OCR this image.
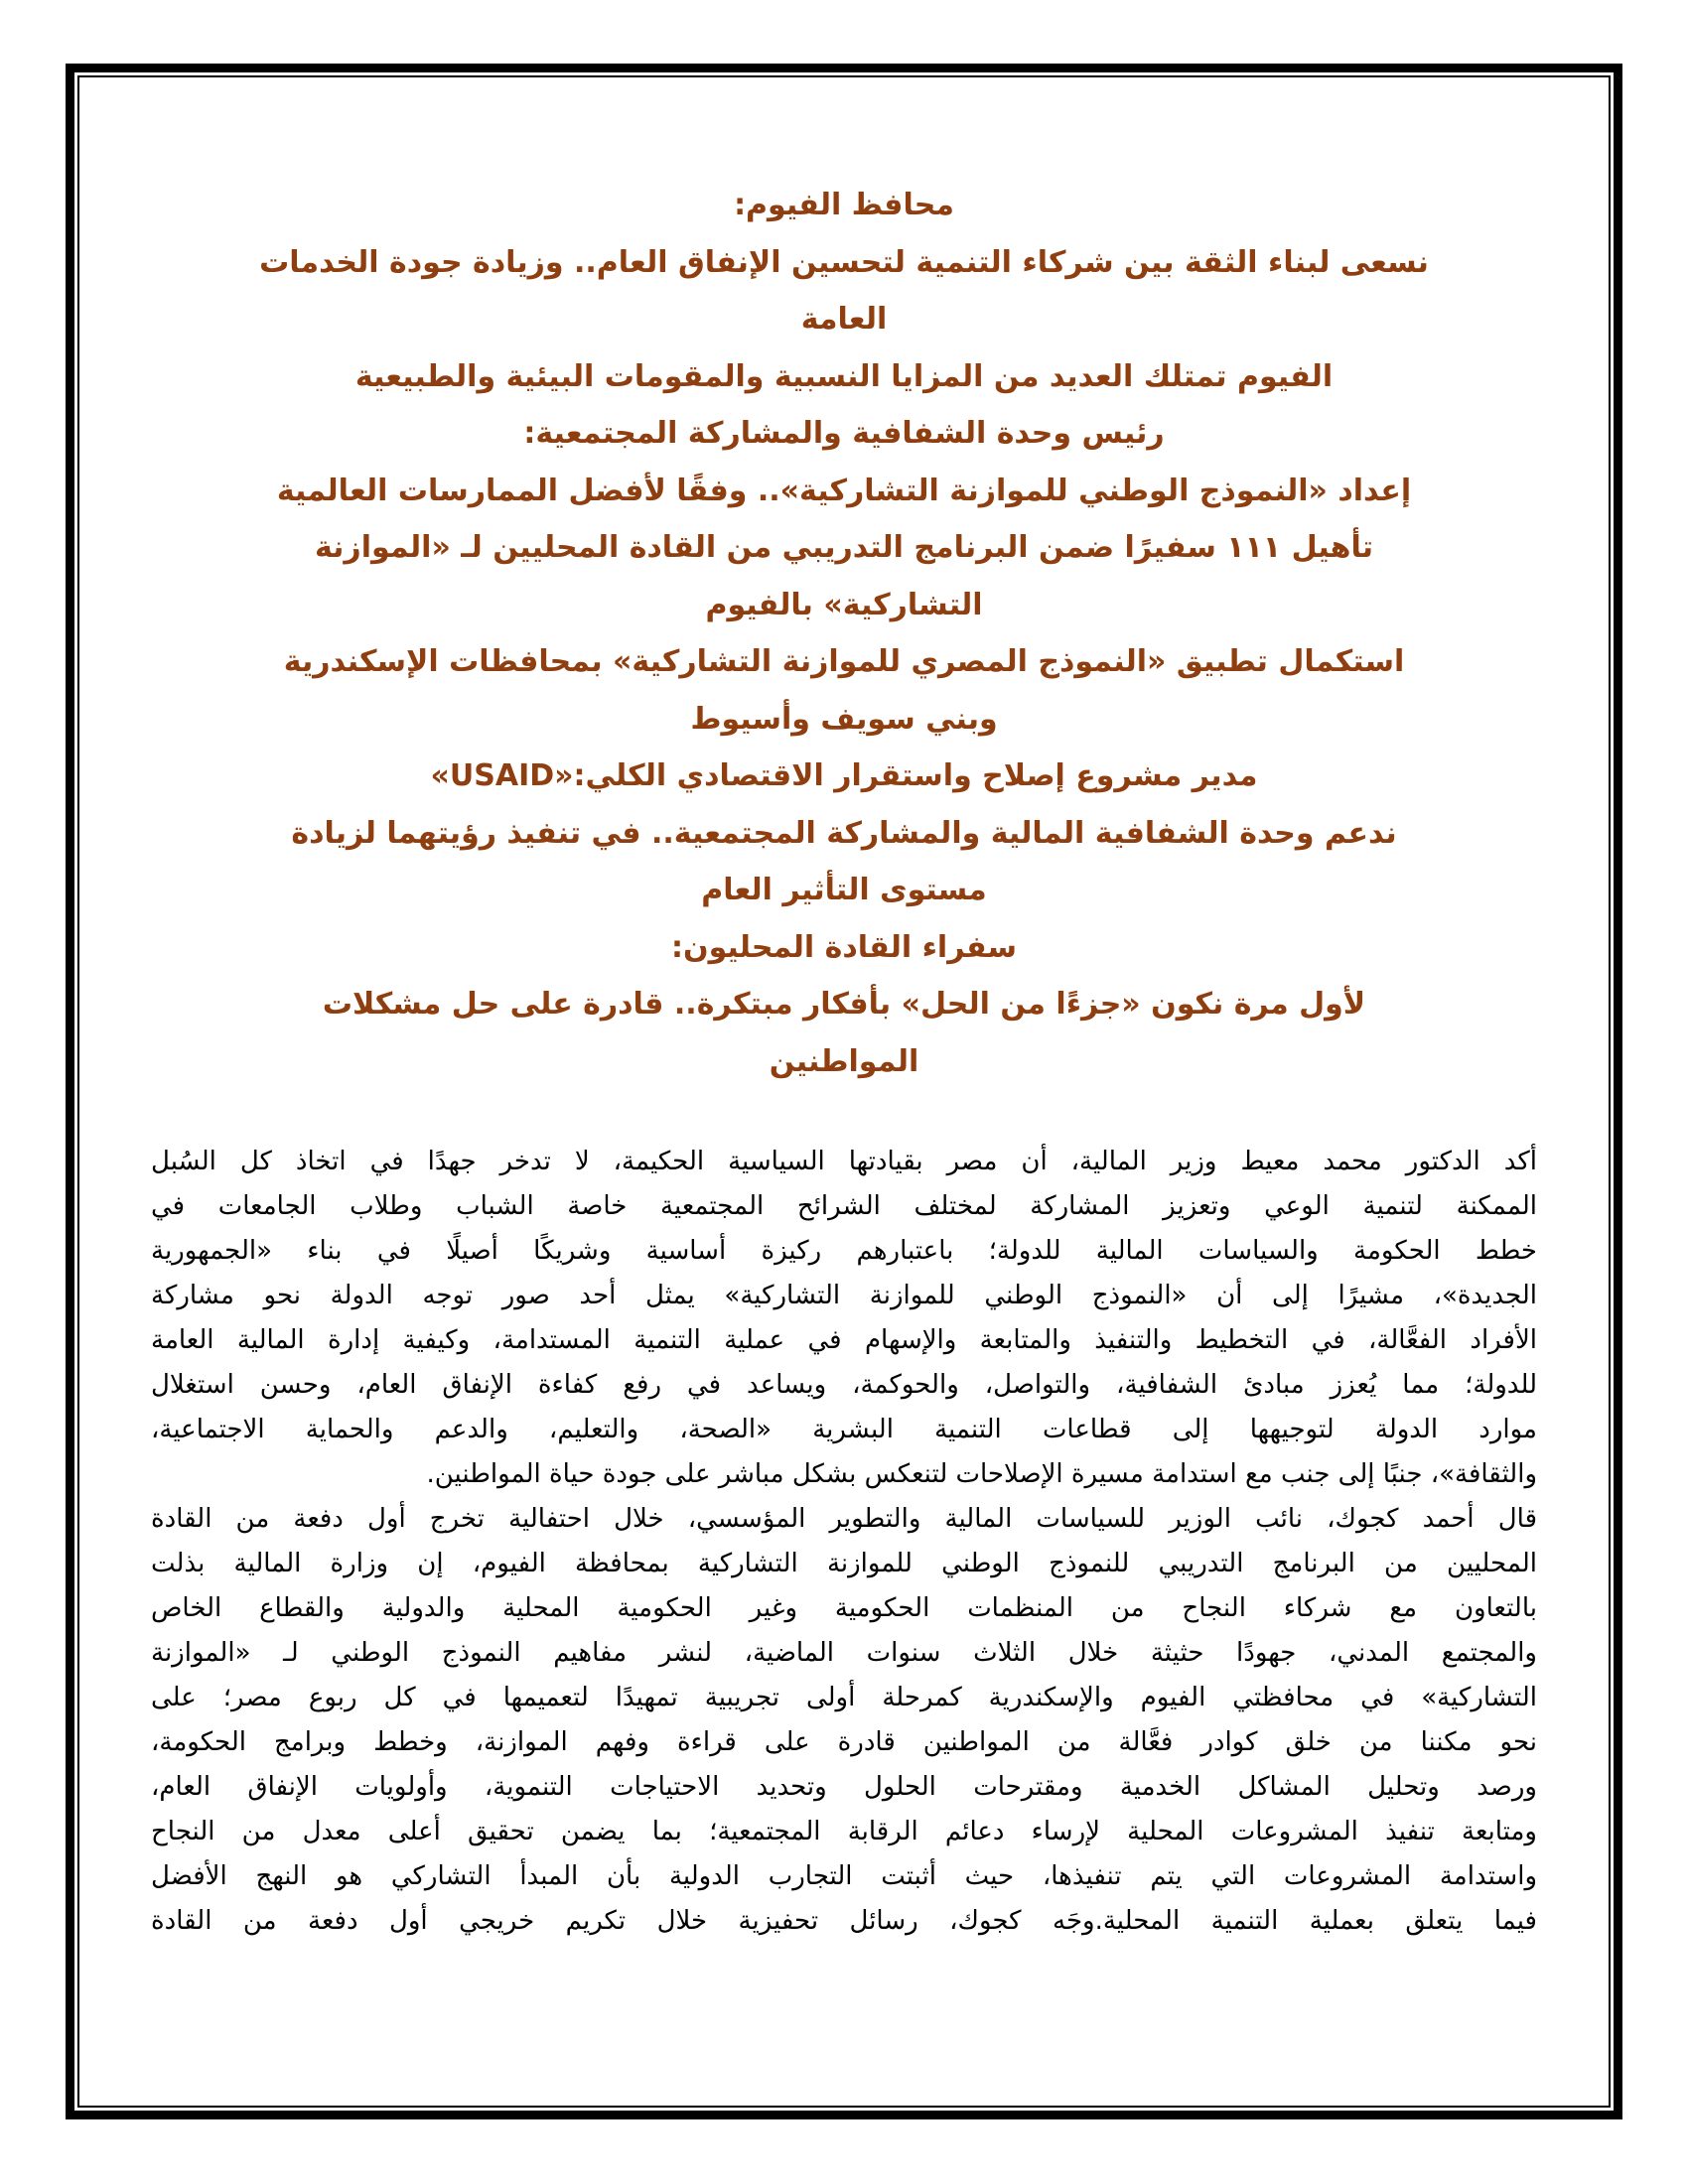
محافظ الفيوم:
نسعى لبناء الثقة بين شركاء التنمية لتحسين الإنفاق العام.. وزيادة جودة الخدمات
العامة
الفيوم تمتلك العديد من المزايا النسبية والمقومات البيئية والطبيعية
رئيس وحدة الشفافية والمشاركة المجتمعية:
إعداد «النموذج الوطني للموازنة التشاركية».. وفقًا لأفضل الممارسات العالمية
تأهيل ١١١ سفيرًا ضمن البرنامج التدريبي من القادة المحليين لـ «الموازنة
التشاركية» بالفيوم
استكمال تطبيق «النموذج المصري للموازنة التشاركية» بمحافظات الإسكندرية
وبني سويف وأسيوط
مدير مشروع إصلاح واستقرار الاقتصادي الكلي:«USAID»
ندعم وحدة الشفافية المالية والمشاركة المجتمعية.. في تنفيذ رؤيتهما لزيادة
مستوى التأثير العام
سفراء القادة المحليون:
لأول مرة نكون «جزءًا من الحل» بأفكار مبتكرة.. قادرة على حل مشكلات
المواطنين
أكد الدكتور محمد معيط وزير المالية، أن مصر بقيادتها السياسية الحكيمة، لا تدخر جهدًا في اتخاذ كل السُبل
الممكنة لتنمية الوعي وتعزيز المشاركة لمختلف الشرائح المجتمعية خاصة الشباب وطلاب الجامعات في
خطط الحكومة والسياسات المالية للدولة؛ باعتبارهم ركيزة أساسية وشريكًا أصيلًا في بناء «الجمهورية
الجديدة»، مشيرًا إلى أن «النموذج الوطني للموازنة التشاركية» يمثل أحد صور توجه الدولة نحو مشاركة
الأفراد الفعَّالة، في التخطيط والتنفيذ والمتابعة والإسهام في عملية التنمية المستدامة، وكيفية إدارة المالية العامة
للدولة؛ مما يُعزز مبادئ الشفافية، والتواصل، والحوكمة، ويساعد في رفع كفاءة الإنفاق العام، وحسن استغلال
موارد الدولة لتوجيهها إلى قطاعات التنمية البشرية «الصحة، والتعليم، والدعم والحماية الاجتماعية،
والثقافة»، جنبًا إلى جنب مع استدامة مسيرة الإصلاحات لتنعكس بشكل مباشر على جودة حياة المواطنين.
قال أحمد كجوك، نائب الوزير للسياسات المالية والتطوير المؤسسي، خلال احتفالية تخرج أول دفعة من القادة
المحليين من البرنامج التدريبي للنموذج الوطني للموازنة التشاركية بمحافظة الفيوم، إن وزارة المالية بذلت
بالتعاون مع شركاء النجاح من المنظمات الحكومية وغير الحكومية المحلية والدولية والقطاع الخاص
والمجتمع المدني، جهودًا حثيثة خلال الثلاث سنوات الماضية، لنشر مفاهيم النموذج الوطني لـ «الموازنة
التشاركية» في محافظتي الفيوم والإسكندرية كمرحلة أولى تجريبية تمهيدًا لتعميمها في كل ربوع مصر؛ على
نحو مكننا من خلق كوادر فعَّالة من المواطنين قادرة على قراءة وفهم الموازنة، وخطط وبرامج الحكومة،
ورصد وتحليل المشاكل الخدمية ومقترحات الحلول وتحديد الاحتياجات التنموية، وأولويات الإنفاق العام،
ومتابعة تنفيذ المشروعات المحلية لإرساء دعائم الرقابة المجتمعية؛ بما يضمن تحقيق أعلى معدل من النجاح
واستدامة المشروعات التي يتم تنفيذها، حيث أثبتت التجارب الدولية بأن المبدأ التشاركي هو النهج الأفضل
فيما يتعلق بعملية التنمية المحلية.وجَه كجوك، رسائل تحفيزية خلال تكريم خريجي أول دفعة من القادة
